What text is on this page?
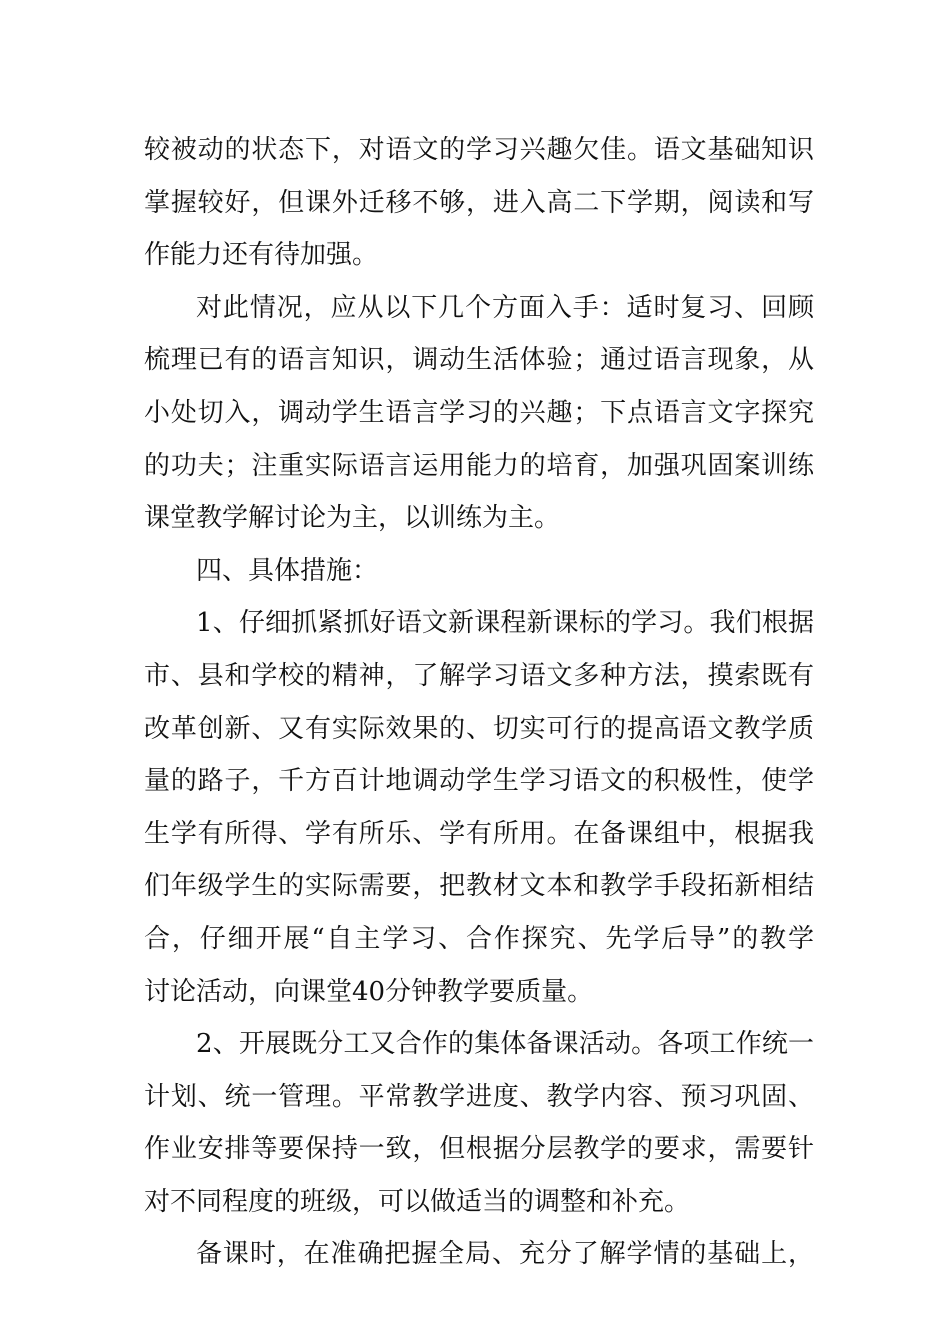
较被动的状态下，对语文的学习兴趣欠佳。语文基础知识
掌握较好，但课外迁移不够，进入高二下学期，阅读和写
作能力还有待加强。
对此情况，应从以下几个方面入手：适时复习、回顾
梳理已有的语言知识，调动生活体验；通过语言现象，从
小处切入，调动学生语言学习的兴趣；下点语言文字探究
的功夫；注重实际语言运用能力的培育，加强巩固案训练
课堂教学解讨论为主，以训练为主。
四、具体措施：
1、仔细抓紧抓好语文新课程新课标的学习。我们根据
市、县和学校的精神，了解学习语文多种方法，摸索既有
改革创新、又有实际效果的、切实可行的提高语文教学质
量的路子，千方百计地调动学生学习语文的积极性，使学
生学有所得、学有所乐、学有所用。在备课组中，根据我
们年级学生的实际需要，把教材文本和教学手段拓新相结
合，仔细开展“自主学习、合作探究、先学后导”的教学
讨论活动，向课堂40分钟教学要质量。
2、开展既分工又合作的集体备课活动。各项工作统一
计划、统一管理。平常教学进度、教学内容、预习巩固、
作业安排等要保持一致，但根据分层教学的要求，需要针
对不同程度的班级，可以做适当的调整和补充。
备课时，在准确把握全局、充分了解学情的基础上，
